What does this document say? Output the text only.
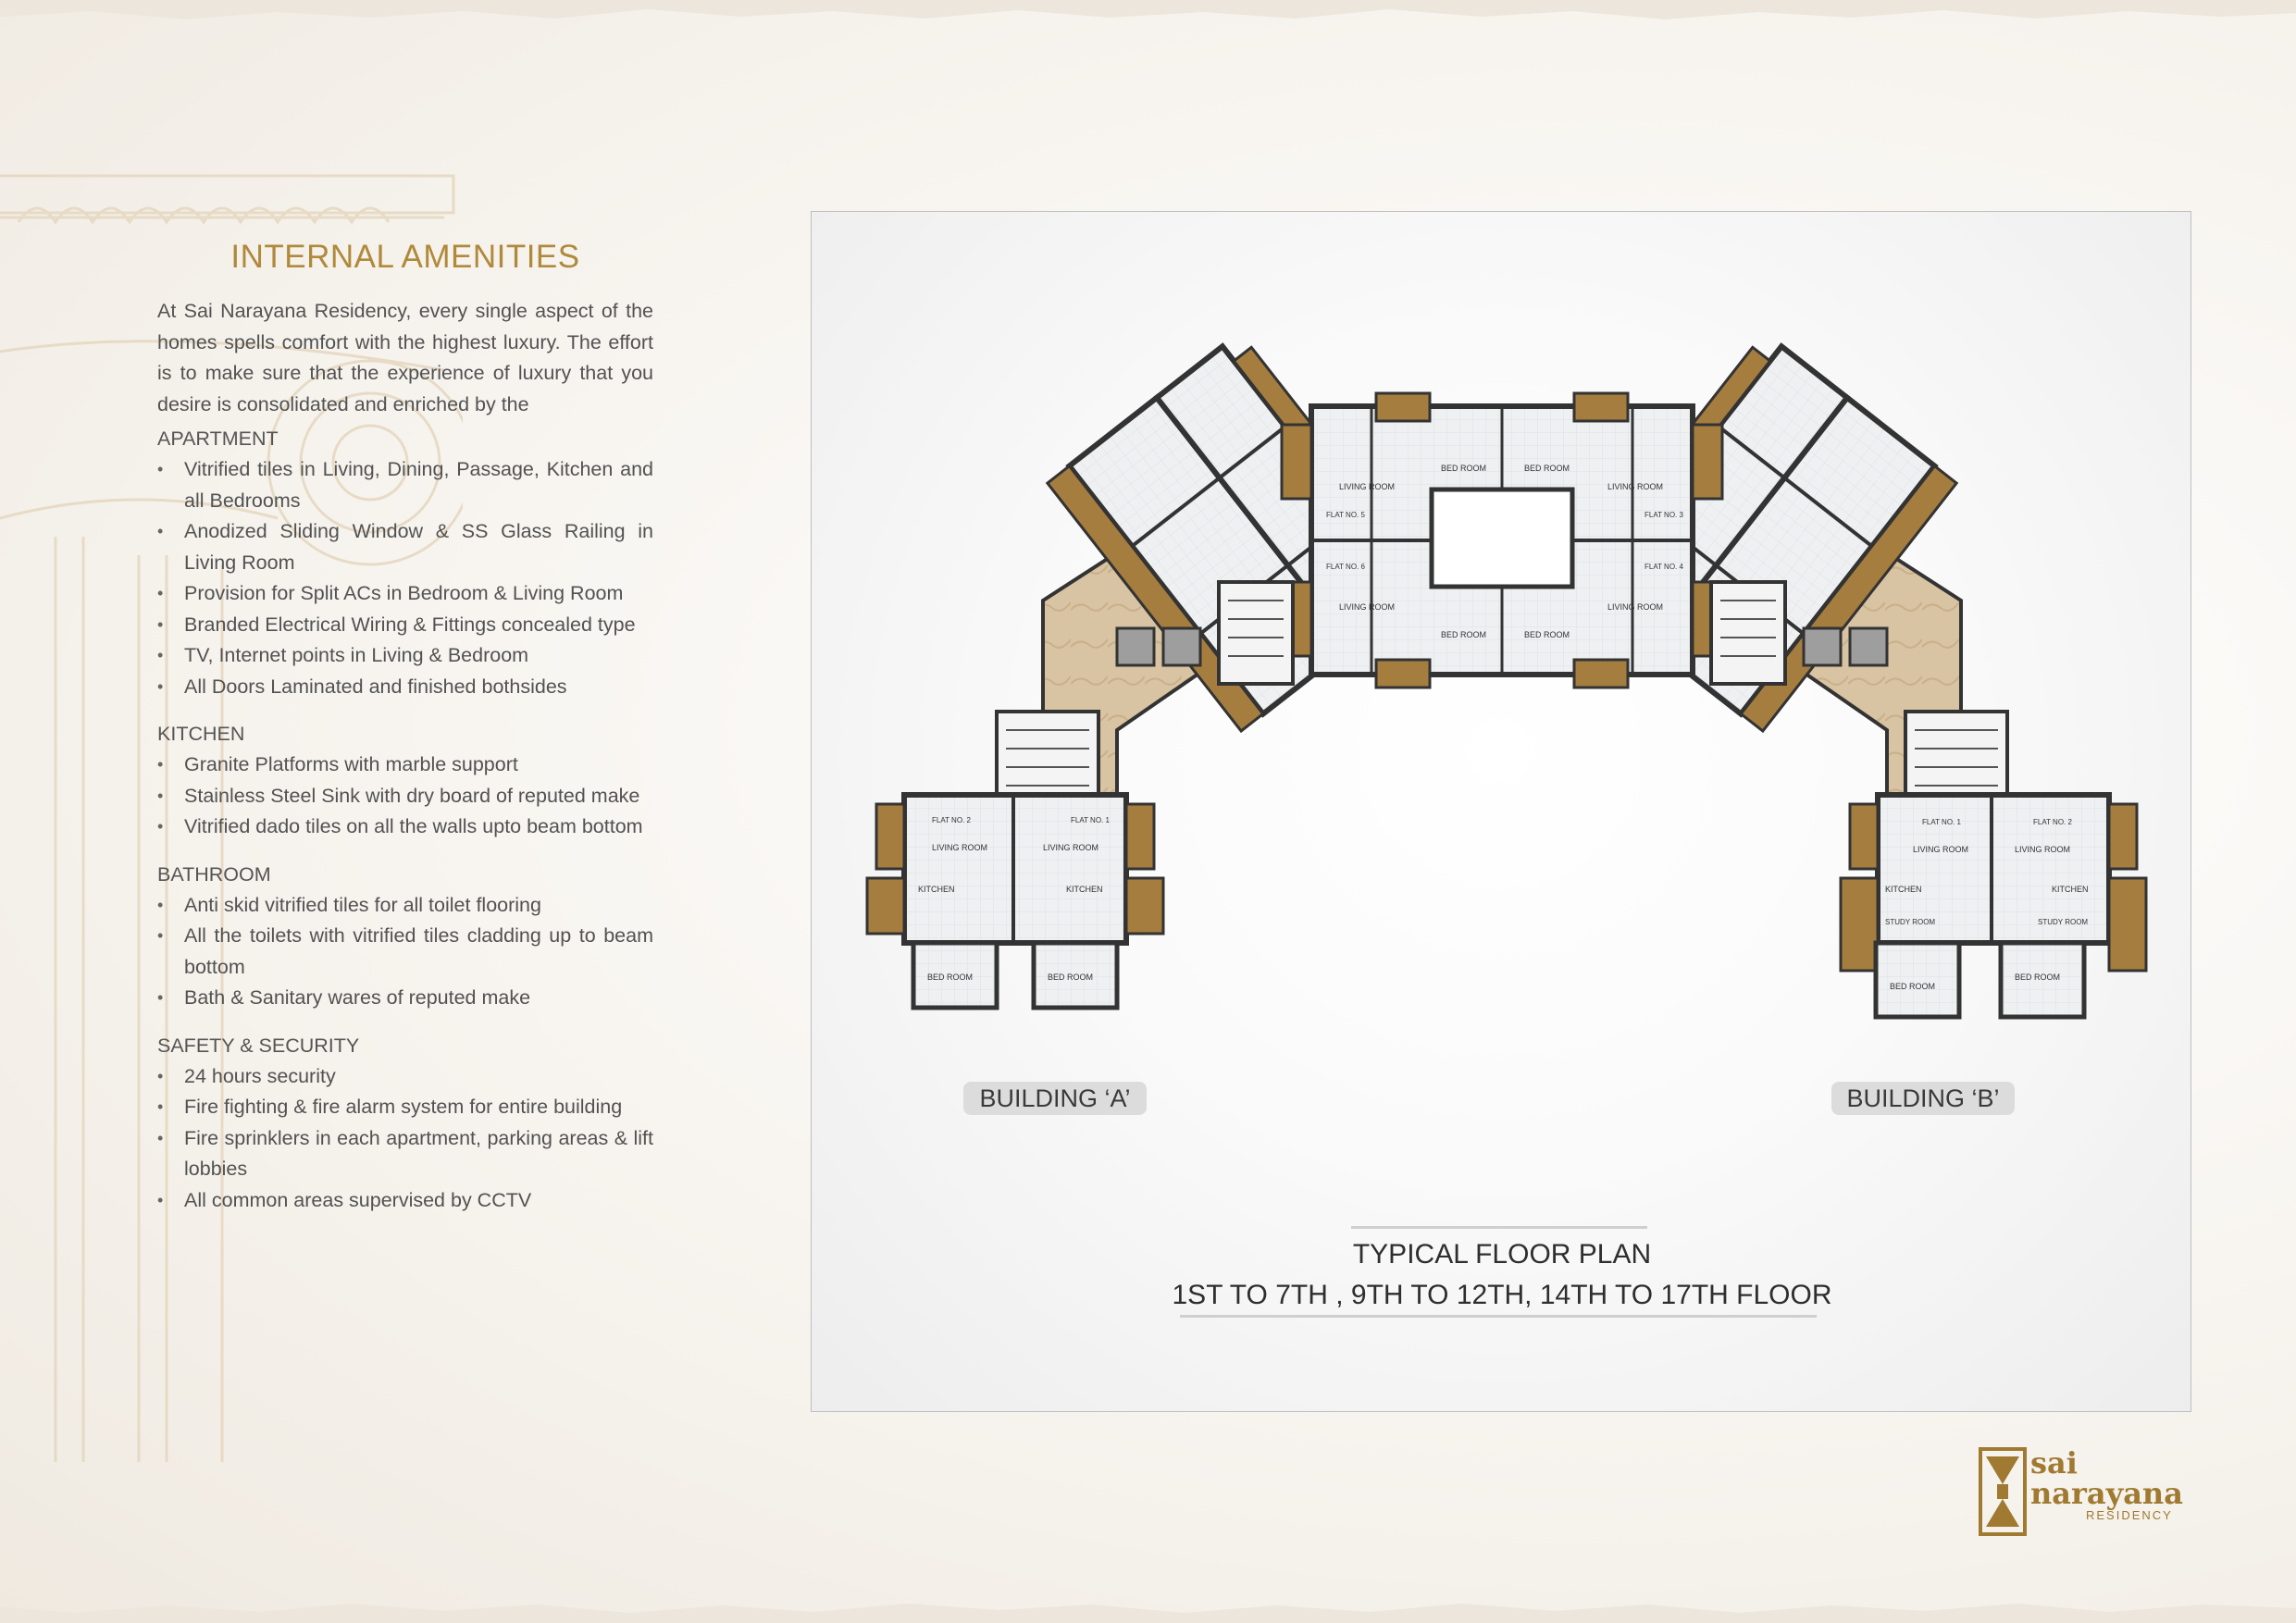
INTERNAL AMENITIES

At Sai Narayana Residency, every single aspect of the homes spells comfort with the highest luxury. The effort is to make sure that the experience of luxury that you desire is consolidated and enriched by the

APARTMENT
• Vitrified tiles in Living, Dining, Passage, Kitchen and all Bedrooms
• Anodized Sliding Window & SS Glass Railing in Living Room
• Provision for Split ACs in Bedroom & Living Room
• Branded Electrical Wiring & Fittings concealed type
• TV, Internet points in Living & Bedroom
• All Doors Laminated and finished bothsides
KITCHEN
• Granite Platforms with marble support
• Stainless Steel Sink with dry board of reputed make
• Vitrified dado tiles on all the walls upto beam bottom
BATHROOM
• Anti skid vitrified tiles for all toilet flooring
• All the toilets with vitrified tiles cladding up to beam bottom
• Bath & Sanitary wares of reputed make
SAFETY & SECURITY
• 24 hours security
• Fire fighting & fire alarm system for entire building
• Fire sprinklers in each apartment, parking areas & lift lobbies
• All common areas supervised by CCTV
LIVING ROOM	LIVING ROOM
LIVING ROOM	LIVING ROOM
BED ROOM	BED ROOM
BED ROOM	BED ROOM
FLAT NO. 5
FLAT NO. 6
FLAT NO. 3
FLAT NO. 4
FLAT NO. 2	FLAT NO. 1
LIVING ROOM	LIVING ROOM
KITCHEN	KITCHEN
BED ROOM	BED ROOM
FLAT NO. 1	FLAT NO. 2
LIVING ROOM	LIVING ROOM
KITCHEN	KITCHEN
STUDY ROOM	STUDY ROOM
BED ROOM
BED ROOM
BUILDING ‘A’	BUILDING ‘B’
TYPICAL FLOOR PLAN
1ST TO 7TH , 9TH TO 12TH, 14TH TO 17TH FLOOR
sai
narayana
RESIDENCY
